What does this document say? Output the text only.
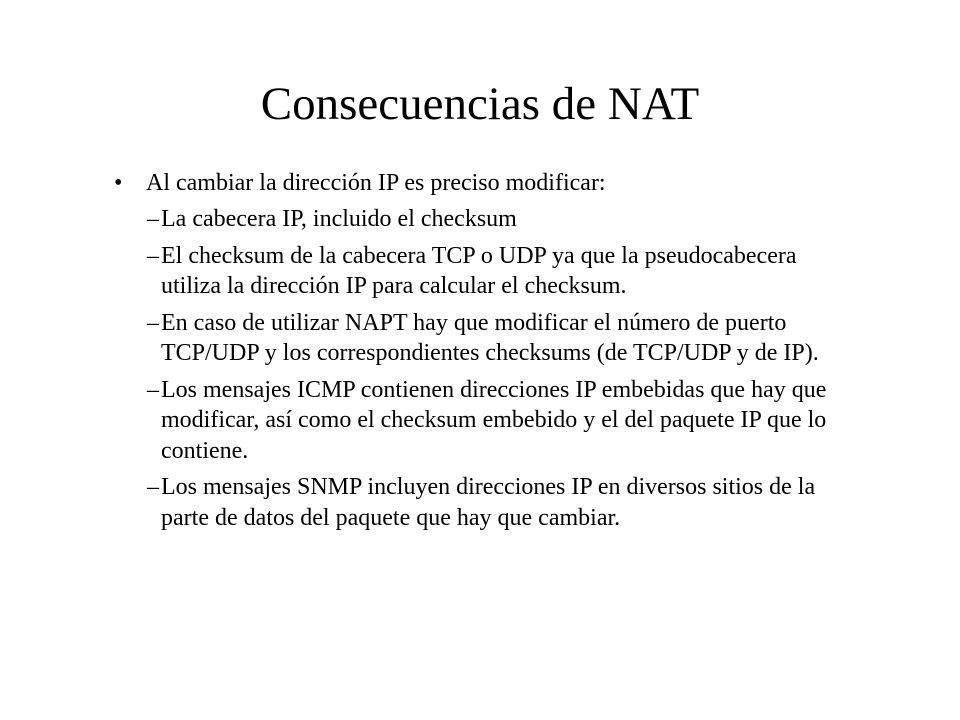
Consecuencias de NAT
• Al cambiar la dirección IP es preciso modificar:
– La cabecera IP, incluido el checksum
– El checksum de la cabecera TCP o UDP ya que la pseudocabecera utiliza la dirección IP para calcular el checksum.
– En caso de utilizar NAPT hay que modificar el número de puerto TCP/UDP y los correspondientes checksums (de TCP/UDP y de IP).
– Los mensajes ICMP contienen direcciones IP embebidas que hay que modificar, así como el checksum embebido y el del paquete IP que lo contiene.
– Los mensajes SNMP incluyen direcciones IP en diversos sitios de la parte de datos del paquete que hay que cambiar.
